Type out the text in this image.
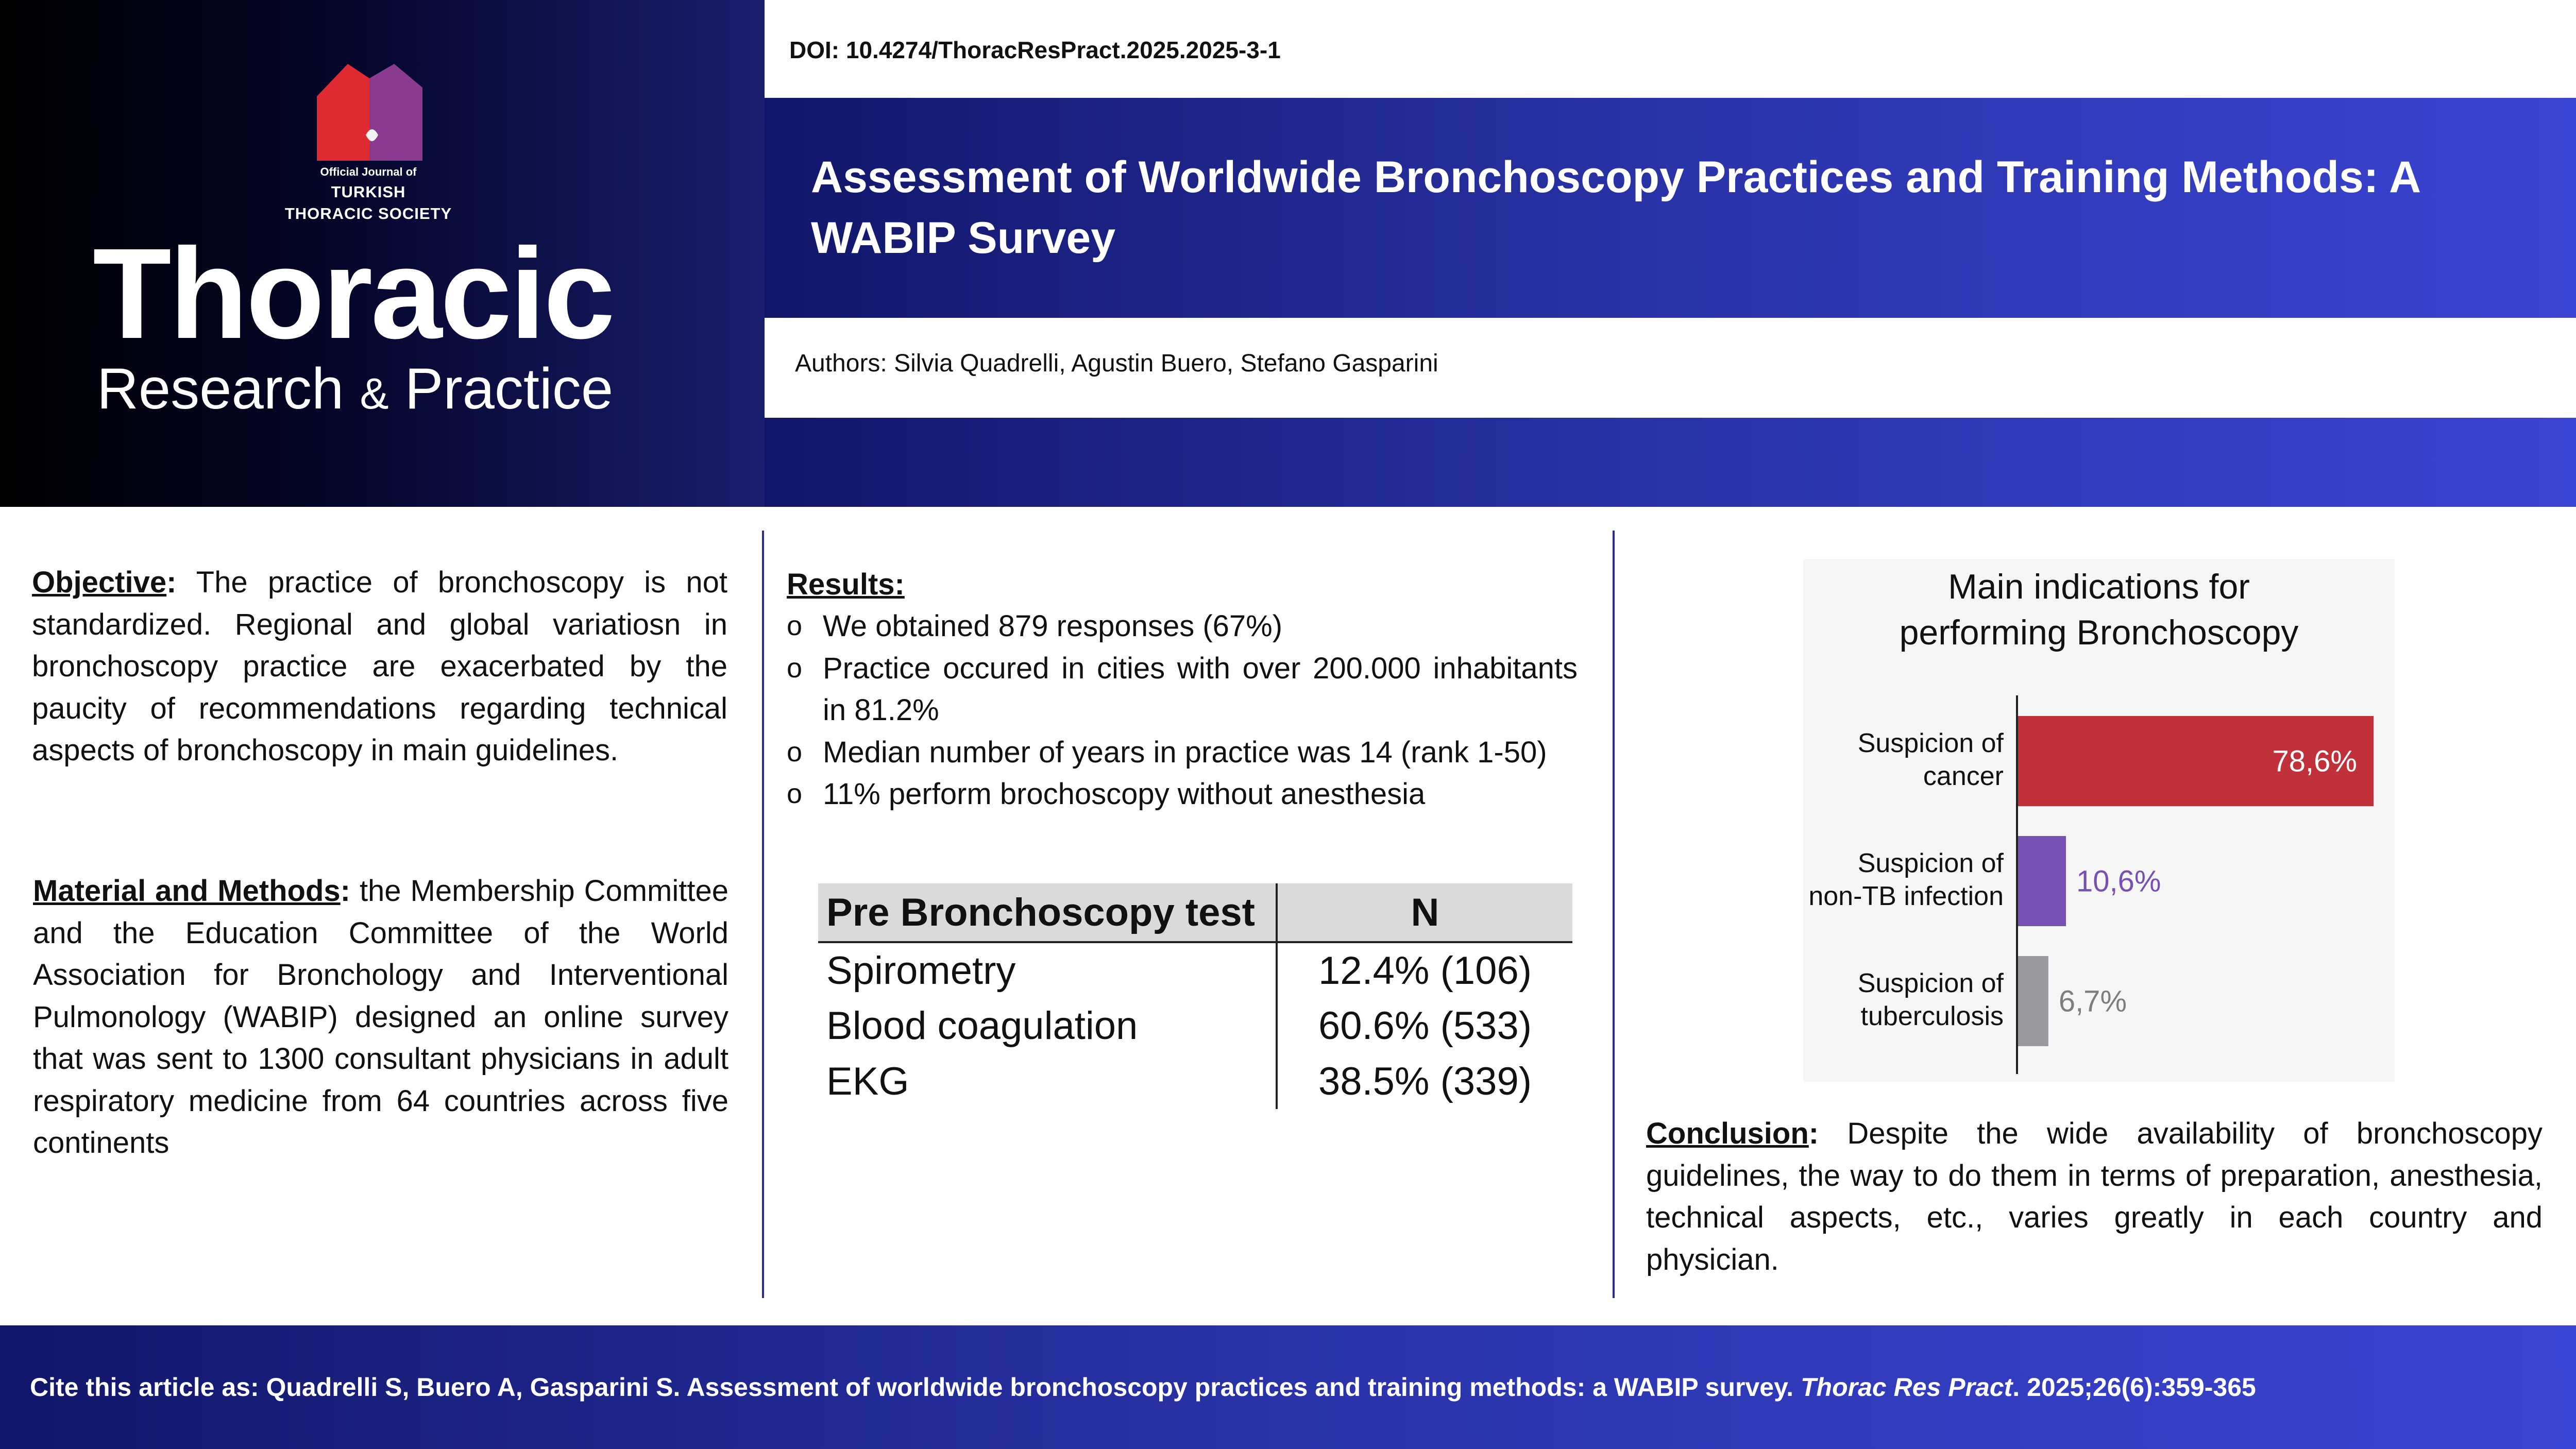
Official Journal of
TURKISH
THORACIC SOCIETY
Thoracic
Research & Practice
DOI: 10.4274/ThoracResPract.2025.2025-3-1
Assessment of Worldwide Bronchoscopy Practices and Training Methods: A WABIP Survey
Authors: Silvia Quadrelli, Agustin Buero, Stefano Gasparini
Objective: The practice of bronchoscopy is not standardized. Regional and global variatiosn in bronchoscopy practice are exacerbated by the paucity of recommendations regarding technical aspects of bronchoscopy in main guidelines.
Material and Methods: the Membership Committee and the Education Committee of the World Association for Bronchology and Interventional Pulmonology (WABIP) designed an online survey that was sent to 1300 consultant physicians in adult respiratory medicine from 64 countries across five continents
Results:
o We obtained 879 responses (67%)
o Practice occured in cities with over 200.000 inhabitants in 81.2%
o Median number of years in practice was 14 (rank 1-50)
o 11% perform brochoscopy without anesthesia
Pre Bronchoscopy test	N
Spirometry	12.4% (106)
Blood coagulation	60.6% (533)
EKG	38.5% (339)
78,6%
Suspicion of cancer
10,6%
Suspicion of non-TB infection
6,7%
Suspicion of tuberculosis
Main indications for
performing Bronchoscopy
Conclusion: Despite the wide availability of bronchoscopy guidelines, the way to do them in terms of preparation, anesthesia, technical aspects, etc., varies greatly in each country and physician.
Cite this article as: Quadrelli S, Buero A, Gasparini S. Assessment of worldwide bronchoscopy practices and training methods: a WABIP survey. Thorac Res Pract. 2025;26(6):359-365
